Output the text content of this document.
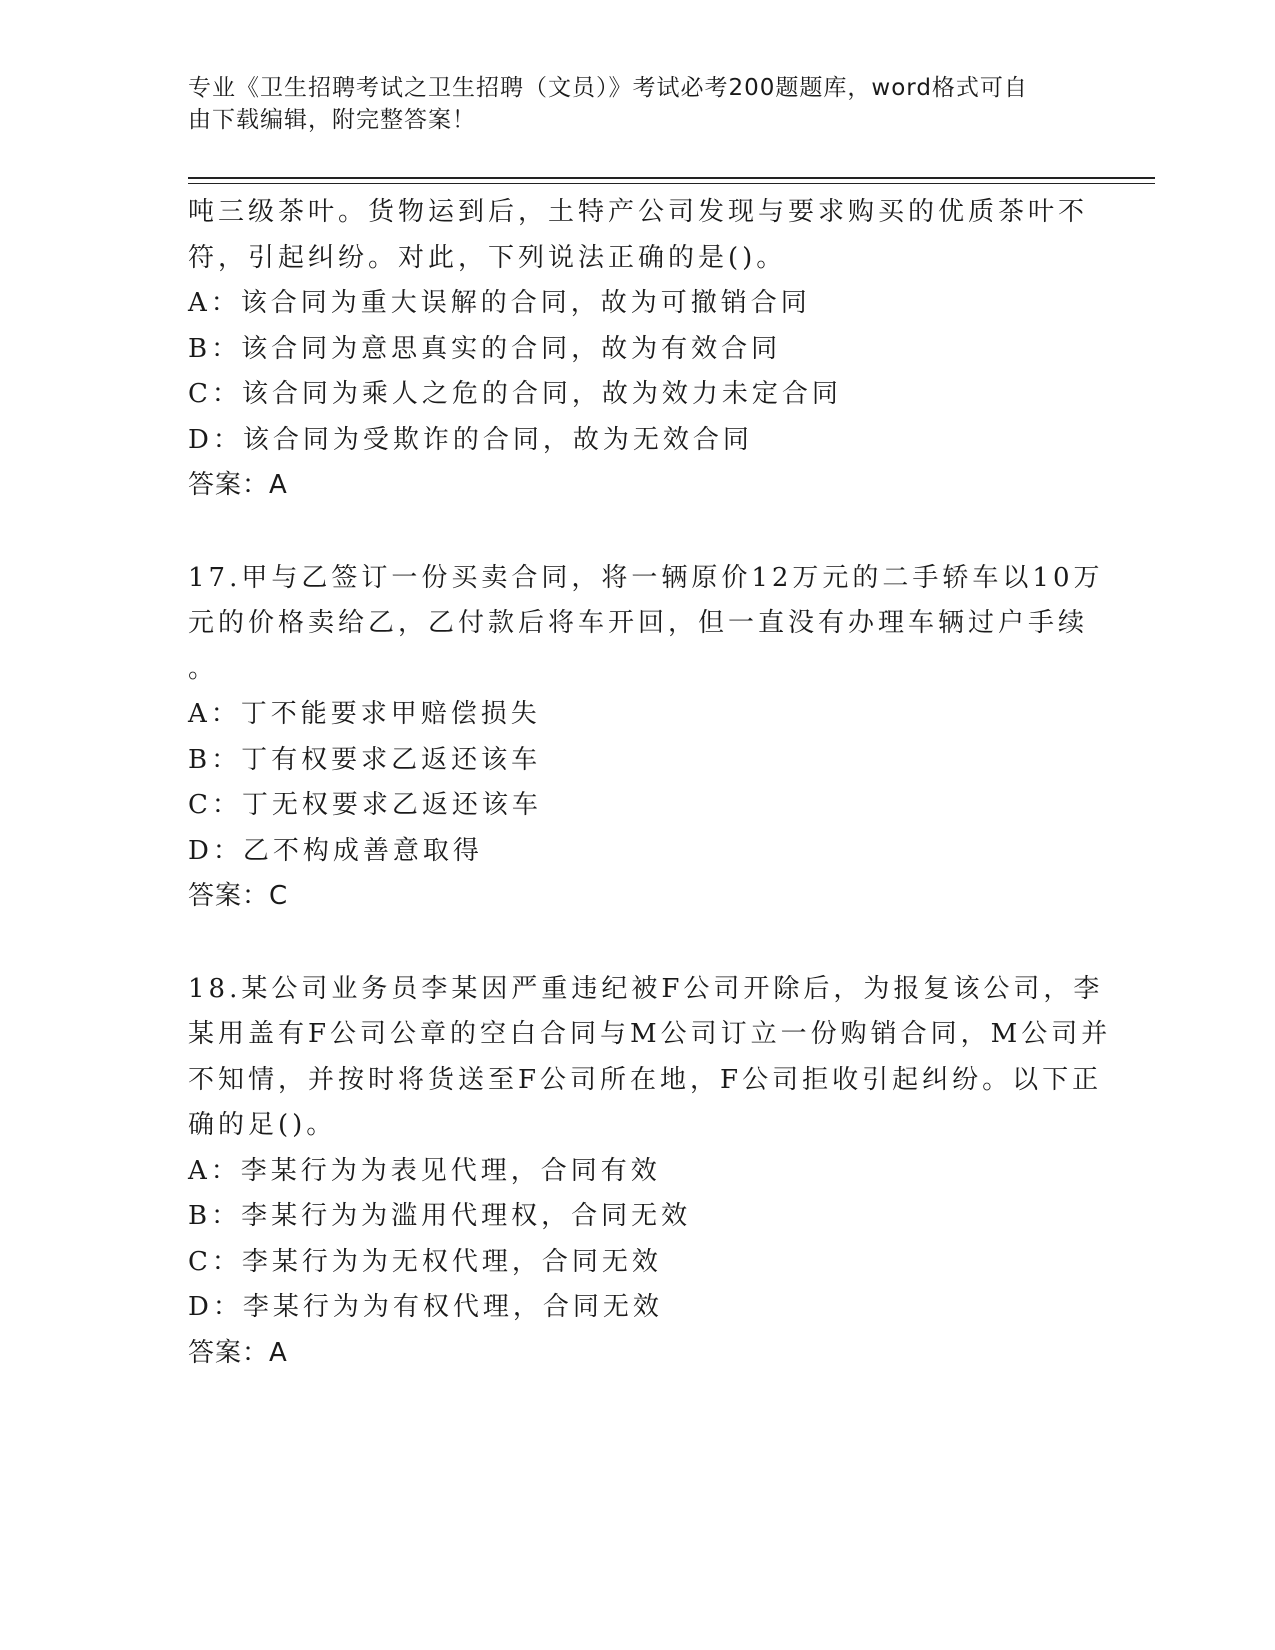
专业《卫生招聘考试之卫生招聘（文员）》考试必考200题题库，word格式可自
由下载编辑，附完整答案！
吨三级茶叶。货物运到后，土特产公司发现与要求购买的优质茶叶不
符，引起纠纷。对此，下列说法正确的是()。
A：该合同为重大误解的合同，故为可撤销合同
B：该合同为意思真实的合同，故为有效合同
C：该合同为乘人之危的合同，故为效力未定合同
D：该合同为受欺诈的合同，故为无效合同
答案：A
17.甲与乙签订一份买卖合同，将一辆原价12万元的二手轿车以10万
元的价格卖给乙，乙付款后将车开回，但一直没有办理车辆过户手续
。
A：丁不能要求甲赔偿损失
B：丁有权要求乙返还该车
C：丁无权要求乙返还该车
D：乙不构成善意取得
答案：C
18.某公司业务员李某因严重违纪被F公司开除后，为报复该公司，李
某用盖有F公司公章的空白合同与M公司订立一份购销合同，M公司并
不知情，并按时将货送至F公司所在地，F公司拒收引起纠纷。以下正
确的足()。
A：李某行为为表见代理，合同有效
B：李某行为为滥用代理权，合同无效
C：李某行为为无权代理，合同无效
D：李某行为为有权代理，合同无效
答案：A
